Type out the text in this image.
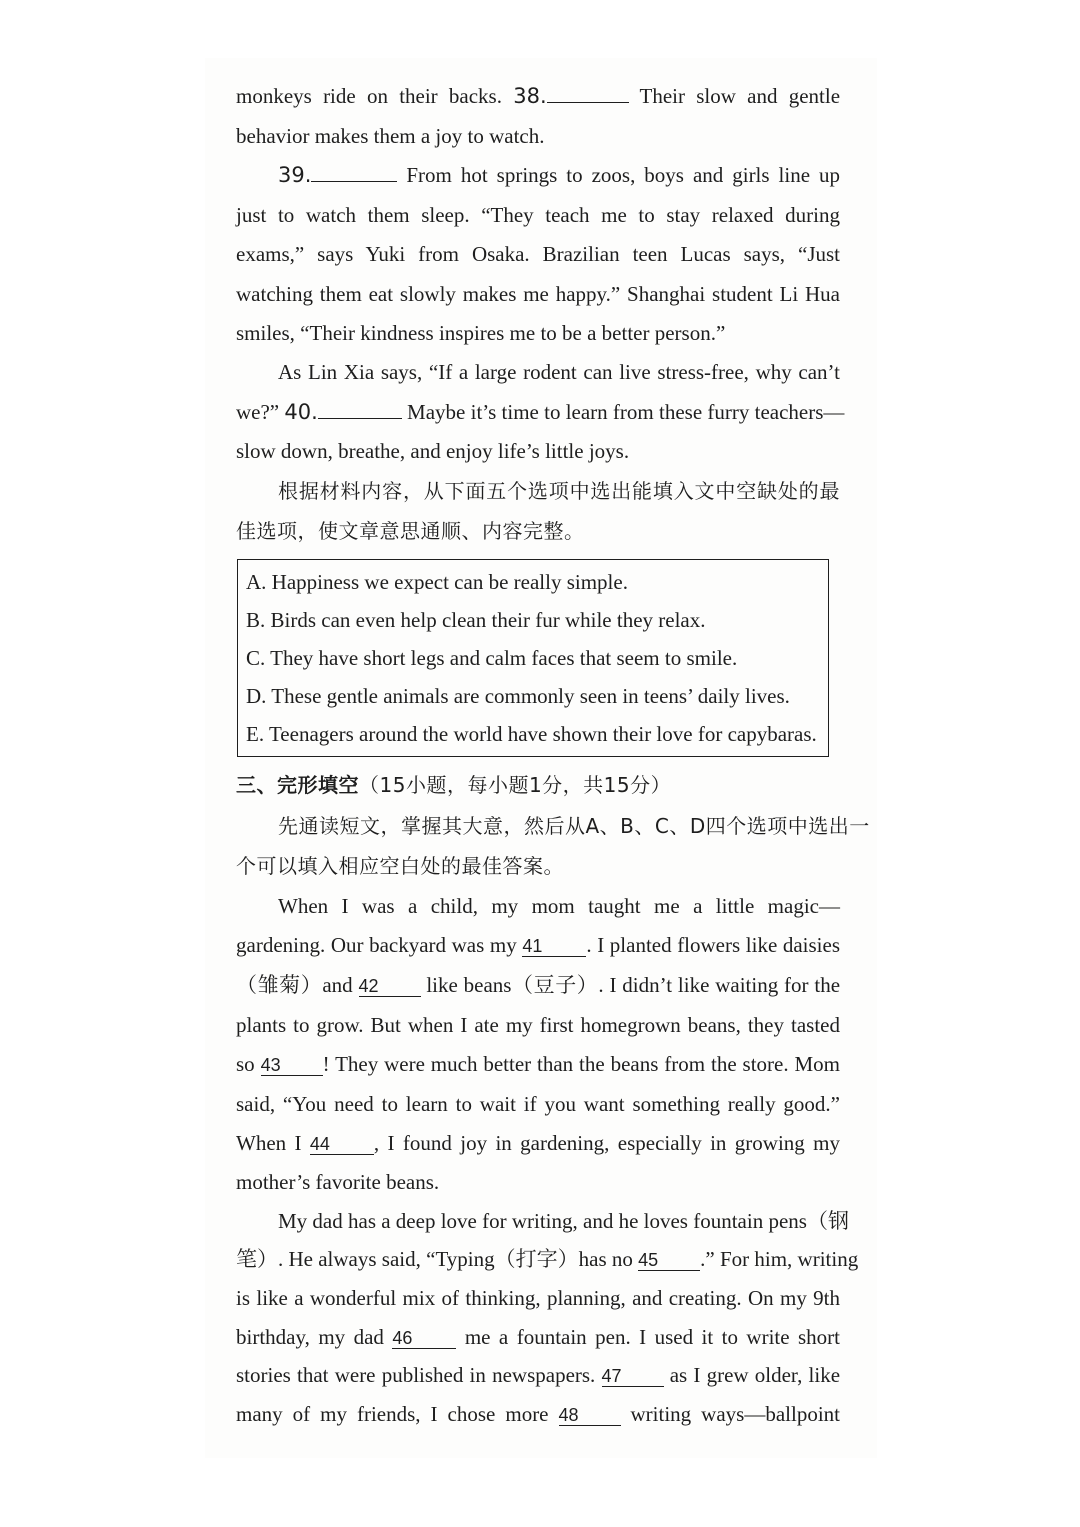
monkeys ride on their backs. 38.	Their slow and gentle
behavior makes them a joy to watch.
39.	From hot springs to zoos, boys and girls line up
just to watch them sleep. “They teach me to stay relaxed during
exams,” says Yuki from Osaka. Brazilian teen Lucas says, “Just
watching them eat slowly makes me happy.” Shanghai student Li Hua
smiles, “Their kindness inspires me to be a better person.”
As Lin Xia says, “If a large rodent can live stress-free, why can’t
we?” 40.	Maybe it’s time to learn from these furry teachers—
slow down, breathe, and enjoy life’s little joys.
根据材料内容，从下面五个选项中选出能填入文中空缺处的最
佳选项，使文章意思通顺、内容完整。
A. Happiness we expect can be really simple.
B. Birds can even help clean their fur while they relax.
C. They have short legs and calm faces that seem to smile.
D. These gentle animals are commonly seen in teens’ daily lives.
E. Teenagers around the world have shown their love for capybaras.
三、完形填空（15小题，每小题1分，共15分）
先通读短文，掌握其大意，然后从A、B、C、D四个选项中选出一
个可以填入相应空白处的最佳答案。
When I was a child, my mom taught me a little magic—
gardening. Our backyard was my 41 . I planted flowers like daisies
（雏菊）and 42 like beans（豆子）. I didn’t like waiting for the
plants to grow. But when I ate my first homegrown beans, they tasted
so 43 ! They were much better than the beans from the store. Mom
said, “You need to learn to wait if you want something really good.”
When I 44 , I found joy in gardening, especially in growing my
mother’s favorite beans.
My dad has a deep love for writing, and he loves fountain pens（钢
笔）. He always said, “Typing（打字）has no 45 .” For him, writing
is like a wonderful mix of thinking, planning, and creating. On my 9th
birthday, my dad 46 me a fountain pen. I used it to write short
stories that were published in newspapers. 47 as I grew older, like
many of my friends, I chose more 48 writing ways—ballpoint
